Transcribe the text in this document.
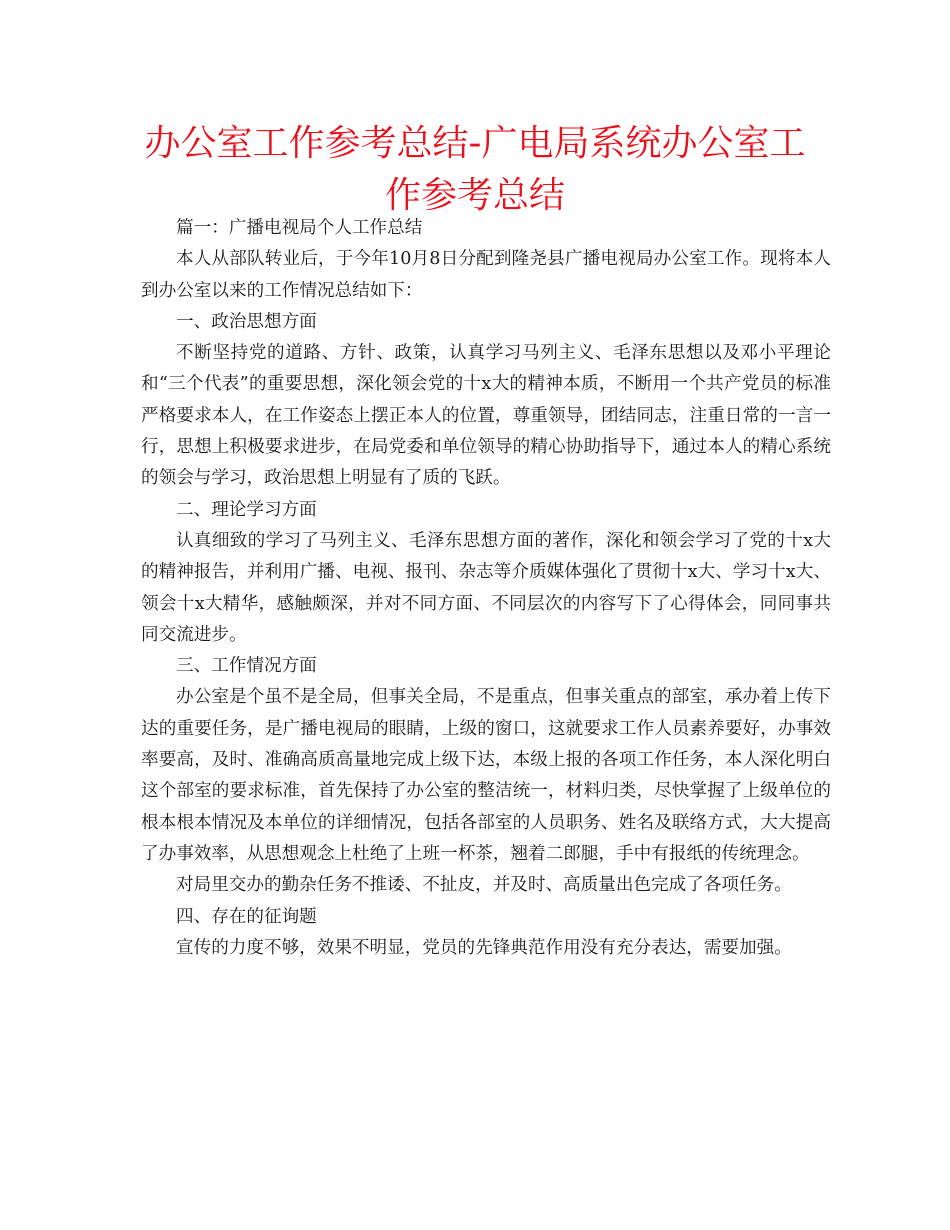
办公室工作参考总结-广电局系统办公室工作参考总结

篇一：广播电视局个人工作总结

本人从部队转业后，于今年10月8日分配到隆尧县广播电视局办公室工作。现将本人到办公室以来的工作情况总结如下：

一、政治思想方面

不断坚持党的道路、方针、政策，认真学习马列主义、毛泽东思想以及邓小平理论和“三个代表”的重要思想，深化领会党的十x大的精神本质，不断用一个共产党员的标准严格要求本人，在工作姿态上摆正本人的位置，尊重领导，团结同志，注重日常的一言一行，思想上积极要求进步，在局党委和单位领导的精心协助指导下，通过本人的精心系统的领会与学习，政治思想上明显有了质的飞跃。

二、理论学习方面

认真细致的学习了马列主义、毛泽东思想方面的著作，深化和领会学习了党的十x大的精神报告，并利用广播、电视、报刊、杂志等介质媒体强化了贯彻十x大、学习十x大、领会十x大精华，感触颇深，并对不同方面、不同层次的内容写下了心得体会，同同事共同交流进步。

三、工作情况方面

办公室是个虽不是全局，但事关全局，不是重点，但事关重点的部室，承办着上传下达的重要任务，是广播电视局的眼睛，上级的窗口，这就要求工作人员素养要好，办事效率要高，及时、准确高质高量地完成上级下达，本级上报的各项工作任务，本人深化明白这个部室的要求标准，首先保持了办公室的整洁统一，材料归类，尽快掌握了上级单位的根本根本情况及本单位的详细情况，包括各部室的人员职务、姓名及联络方式，大大提高了办事效率，从思想观念上杜绝了上班一杯茶，翘着二郎腿，手中有报纸的传统理念。

对局里交办的勤杂任务不推诿、不扯皮，并及时、高质量出色完成了各项任务。

四、存在的征询题

宣传的力度不够，效果不明显，党员的先锋典范作用没有充分表达，需要加强。
